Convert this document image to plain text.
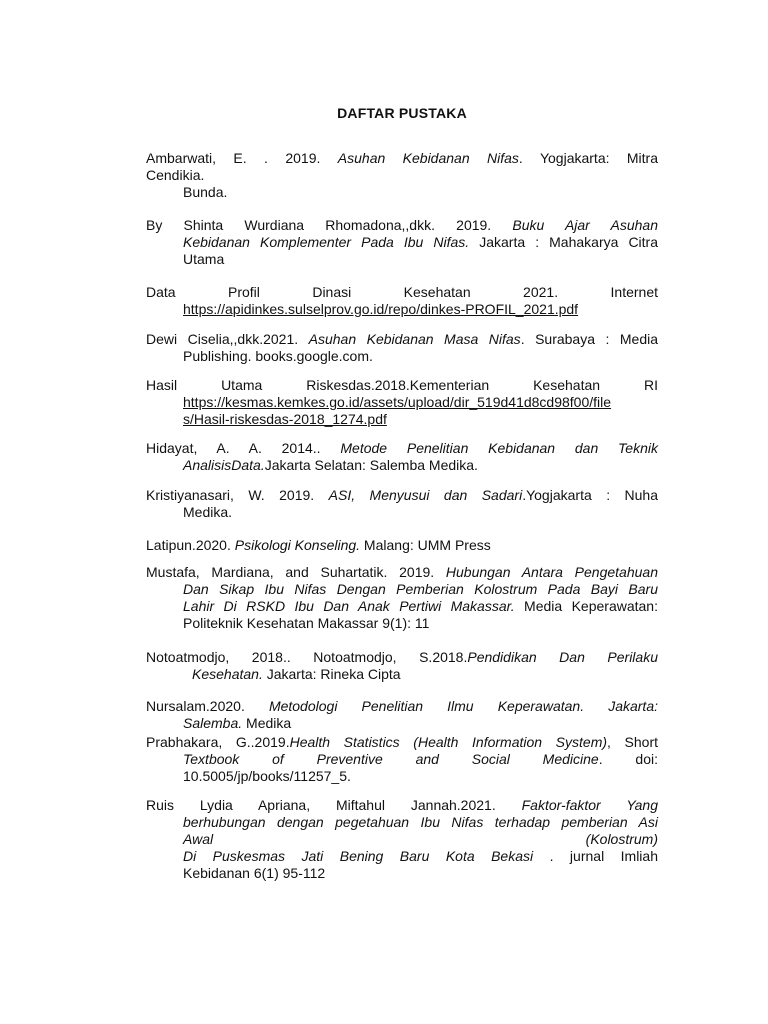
DAFTAR PUSTAKA
Ambarwati, E. . 2019. Asuhan Kebidanan Nifas. Yogjakarta: Mitra
Cendikia.
Bunda.
By Shinta Wurdiana Rhomadona,,dkk. 2019. Buku Ajar Asuhan
Kebidanan Komplementer Pada Ibu Nifas. Jakarta : Mahakarya Citra
Utama
Data Profil Dinasi Kesehatan 2021. Internet
https://apidinkes.sulselprov.go.id/repo/dinkes-PROFIL_2021.pdf
Dewi Ciselia,,dkk.2021. Asuhan Kebidanan Masa Nifas. Surabaya : Media
Publishing. books.google.com.
Hasil Utama Riskesdas.2018.Kementerian Kesehatan RI
https://kesmas.kemkes.go.id/assets/upload/dir_519d41d8cd98f00/file
s/Hasil-riskesdas-2018_1274.pdf
Hidayat, A. A. 2014.. Metode Penelitian Kebidanan dan Teknik
AnalisisData.Jakarta Selatan: Salemba Medika.
Kristiyanasari, W. 2019. ASI, Menyusui dan Sadari.Yogjakarta : Nuha
Medika.
Latipun.2020. Psikologi Konseling. Malang: UMM Press
Mustafa, Mardiana, and Suhartatik. 2019. Hubungan Antara Pengetahuan
Dan Sikap Ibu Nifas Dengan Pemberian Kolostrum Pada Bayi Baru
Lahir Di RSKD Ibu Dan Anak Pertiwi Makassar. Media Keperawatan:
Politeknik Kesehatan Makassar 9(1): 11
Notoatmodjo, 2018.. Notoatmodjo, S.2018.Pendidikan Dan Perilaku
Kesehatan. Jakarta: Rineka Cipta
Nursalam.2020. Metodologi Penelitian Ilmu Keperawatan. Jakarta:
Salemba. Medika
Prabhakara, G..2019.Health Statistics (Health Information System), Short
Textbook of Preventive and Social Medicine. doi:
10.5005/jp/books/11257_5.
Ruis Lydia Apriana, Miftahul Jannah.2021. Faktor-faktor Yang
berhubungan dengan pegetahuan Ibu Nifas terhadap pemberian Asi
Awal (Kolostrum)
Di Puskesmas Jati Bening Baru Kota Bekasi . jurnal Imliah
Kebidanan 6(1) 95-112
